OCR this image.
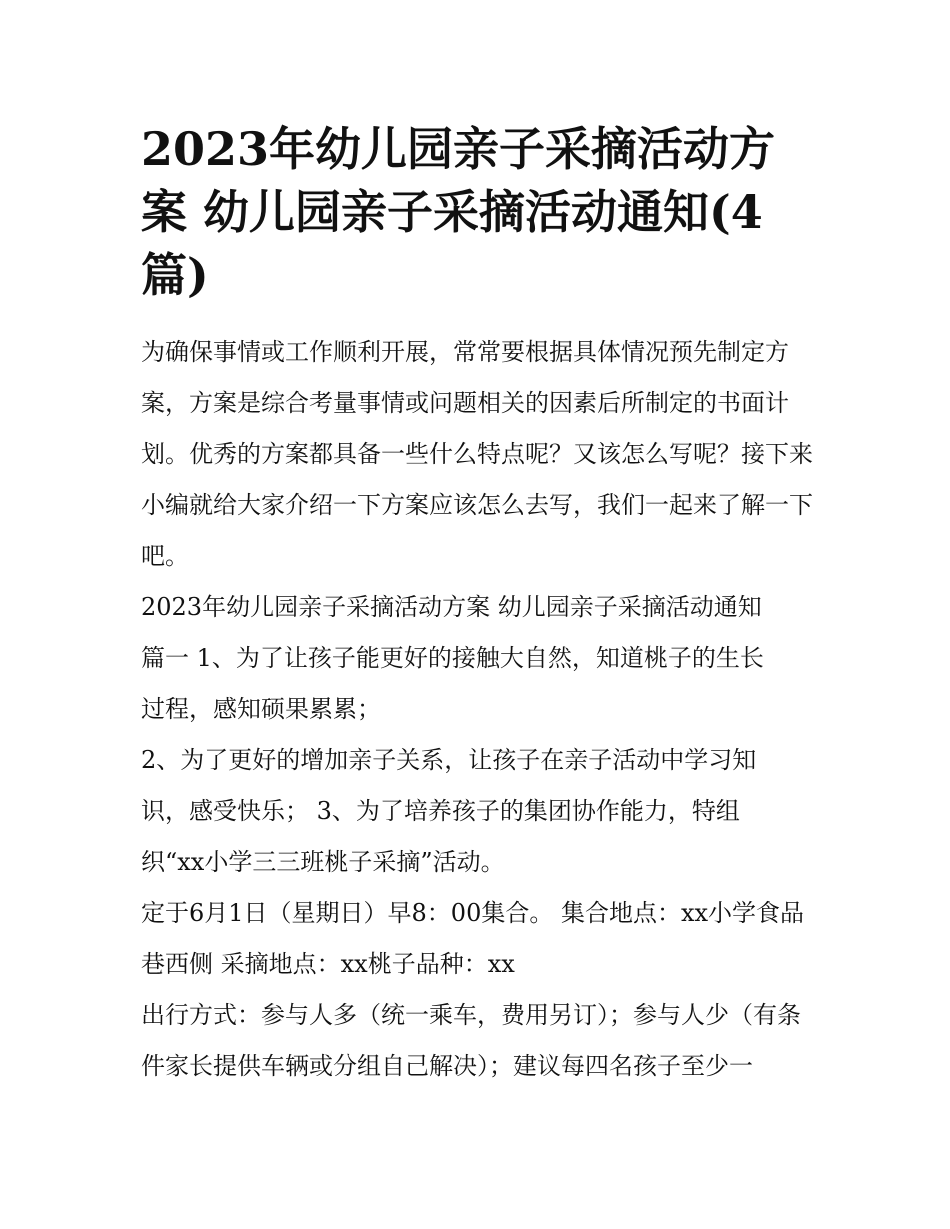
2023年幼儿园亲子采摘活动方案 幼儿园亲子采摘活动通知(4篇)

为确保事情或工作顺利开展，常常要根据具体情况预先制定方案，方案是综合考量事情或问题相关的因素后所制定的书面计划。优秀的方案都具备一些什么特点呢？又该怎么写呢？接下来小编就给大家介绍一下方案应该怎么去写，我们一起来了解一下吧。

2023年幼儿园亲子采摘活动方案 幼儿园亲子采摘活动通知篇一 1、为了让孩子能更好的接触大自然，知道桃子的生长过程，感知硕果累累；

2、为了更好的增加亲子关系，让孩子在亲子活动中学习知识，感受快乐； 3、为了培养孩子的集团协作能力，特组织“xx小学三三班桃子采摘”活动。

定于6月1日（星期日）早8：00集合。 集合地点：xx小学食品巷西侧 采摘地点：xx桃子品种：xx

出行方式：参与人多（统一乘车，费用另订）；参与人少（有条件家长提供车辆或分组自己解决）；建议每四名孩子至少一
